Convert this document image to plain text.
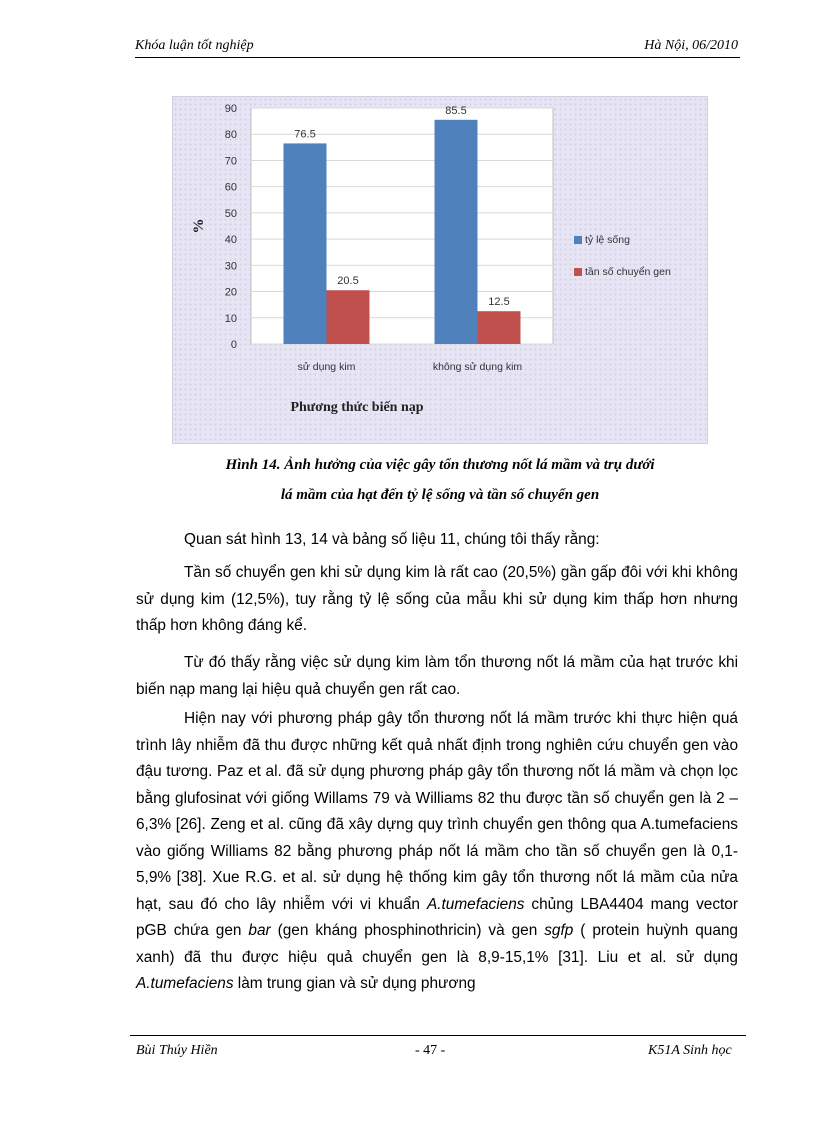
Khóa luận tốt nghiệp	Hà Nội, 06/2010
0
10
20
30
40
50
60
70
80
90
sử dụng kim
76.5
20.5
không sử dụng kim
85.5
12.5
%
Phương thức biến nạp
tỷ lệ sống
tần số chuyển gen
Hình 14. Ảnh hưởng của việc gây tổn thương nốt lá mầm và trụ dưới
lá mầm của hạt đến tỷ lệ sống và tần số chuyển gen
Quan sát hình 13, 14 và bảng số liệu 11, chúng tôi thấy rằng:
Tần số chuyển gen khi sử dụng kim là rất cao (20,5%) gần gấp đôi với khi không sử dụng kim (12,5%), tuy rằng tỷ lệ sống của mẫu khi sử dụng kim thấp hơn nhưng thấp hơn không đáng kể.
Từ đó thấy rằng việc sử dụng kim làm tổn thương nốt lá mầm của hạt trước khi biến nạp mang lại hiệu quả chuyển gen rất cao.
Hiện nay với phương pháp gây tổn thương nốt lá mầm trước khi thực hiện quá trình lây nhiễm đã thu được những kết quả nhất định trong nghiên cứu chuyển gen vào đậu tương. Paz et al. đã sử dụng phương pháp gây tổn thương nốt lá mầm và chọn lọc bằng glufosinat với giống Willams 79 và Williams 82 thu được tần số chuyển gen là 2 – 6,3% [26]. Zeng et al. cũng đã xây dựng quy trình chuyển gen thông qua A.tumefaciens vào giống Williams 82 bằng phương pháp nốt lá mầm cho tần số chuyển gen là 0,1-5,9% [38]. Xue R.G. et al. sử dụng hệ thống kim gây tổn thương nốt lá mầm của nửa hạt, sau đó cho lây nhiễm với vi khuẩn A.tumefaciens chủng LBA4404 mang vector pGB chứa gen bar (gen kháng phosphinothricin) và gen sgfp ( protein huỳnh quang xanh) đã thu được hiệu quả chuyển gen là 8,9-15,1% [31]. Liu et al. sử dụng A.tumefaciens làm trung gian và sử dụng phương
Bùi Thúy Hiền	- 47 -	K51A Sinh học
